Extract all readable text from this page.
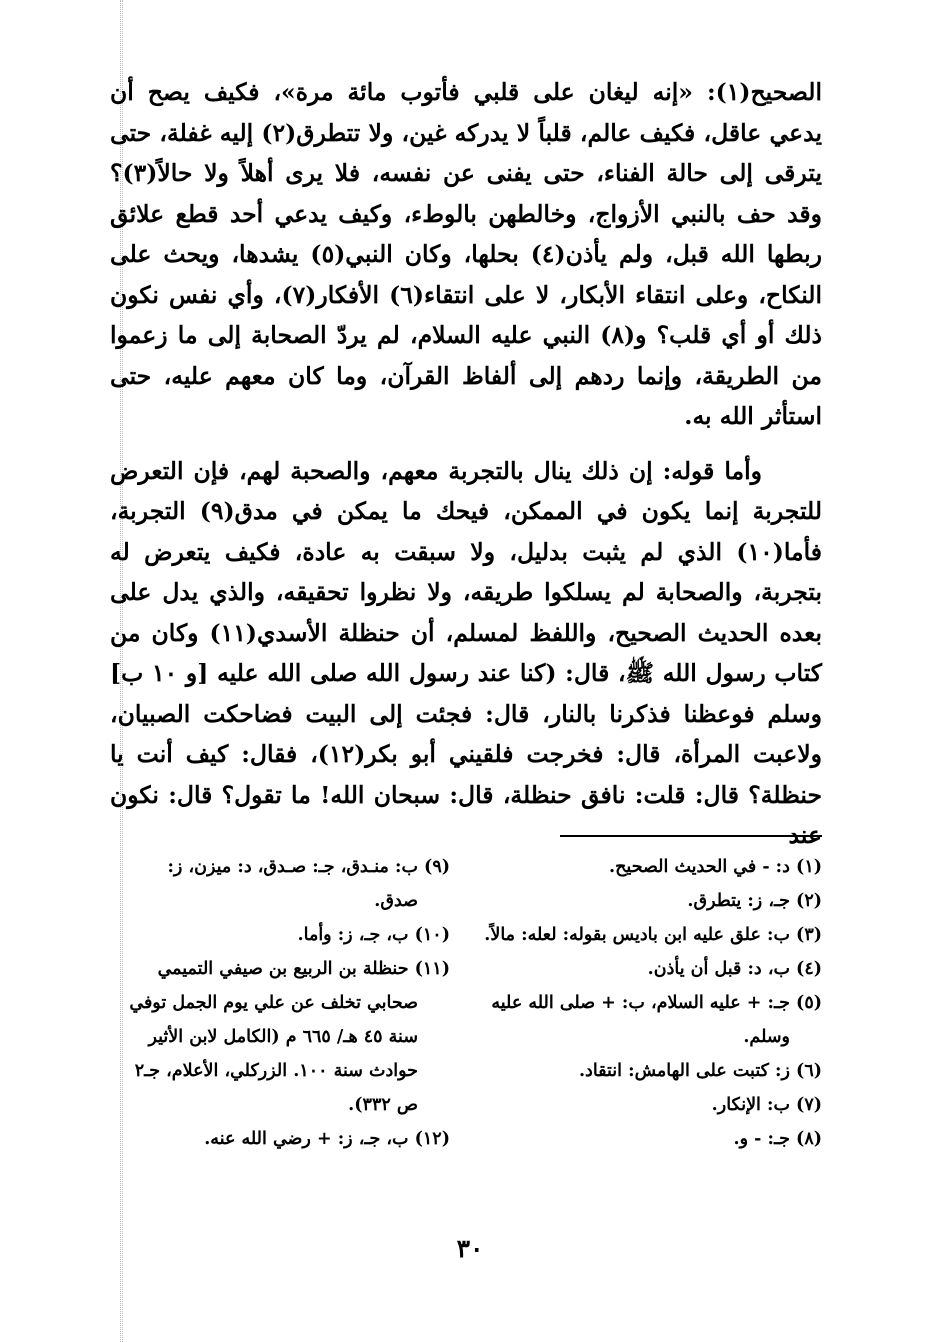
الصحيح(١): «إنه ليغان على قلبي فأتوب مائة مرة»، فكيف يصح أن يدعي عاقل، فكيف عالم، قلباً لا يدركه غين، ولا تتطرق(٢) إليه غفلة، حتى يترقى إلى حالة الفناء، حتى يفنى عن نفسه، فلا يرى أهلاً ولا حالاً(٣)؟ وقد حف بالنبي الأزواج، وخالطهن بالوطء، وكيف يدعي أحد قطع علائق ربطها الله قبل، ولم يأذن(٤) بحلها، وكان النبي(٥) يشدها، ويحث على النكاح، وعلى انتقاء الأبكار، لا على انتقاء(٦) الأفكار(٧)، وأي نفس نكون ذلك أو أي قلب؟ و(٨) النبي عليه السلام، لم يردّ الصحابة إلى ما زعموا من الطريقة، وإنما ردهم إلى ألفاظ القرآن، وما كان معهم عليه، حتى استأثر الله به.

وأما قوله: إن ذلك ينال بالتجربة معهم، والصحبة لهم، فإن التعرض للتجربة إنما يكون في الممكن، فيحك ما يمكن في مدق(٩) التجربة، فأما(١٠) الذي لم يثبت بدليل، ولا سبقت به عادة، فكيف يتعرض له بتجربة، والصحابة لم يسلكوا طريقه، ولا نظروا تحقيقه، والذي يدل على بعده الحديث الصحيح، واللفظ لمسلم، أن حنظلة الأسدي(١١) وكان من كتاب رسول الله ﷺ، قال: (كنا عند رسول الله صلى الله عليه [و ١٠ ب] وسلم فوعظنا فذكرنا بالنار، قال: فجئت إلى البيت فضاحكت الصبيان، ولاعبت المرأة، قال: فخرجت فلقيني أبو بكر(١٢)، فقال: كيف أنت يا حنظلة؟ قال: قلت: نافق حنظلة، قال: سبحان الله! ما تقول؟ قال: نكون عند

(١) د: - في الحديث الصحيح.

(٢) جـ، ز: يتطرق.

(٣) ب: علق عليه ابن باديس بقوله: لعله: مالاً.

(٤) ب، د: قبل أن يأذن.

(٥) جـ: + عليه السلام، ب: + صلى الله عليه وسلم.

(٦) ز: كتبت على الهامش: انتقاد.

(٧) ب: الإنكار.

(٨) جـ: - و.

(٩) ب: منـدق، جـ: صـدق، د: ميزن، ز: صدق.

(١٠) ب، جـ، ز: وأما.

(١١) حنظلة بن الربيع بن صيفي التميمي صحابي تخلف عن علي يوم الجمل توفي سنة ٤٥ هـ/ ٦٦٥ م (الكامل لابن الأثير حوادث سنة ١٠٠. الزركلي، الأعلام، جـ٢ ص ٣٣٢).

(١٢) ب، جـ، ز: + رضي الله عنه.

٣٠
